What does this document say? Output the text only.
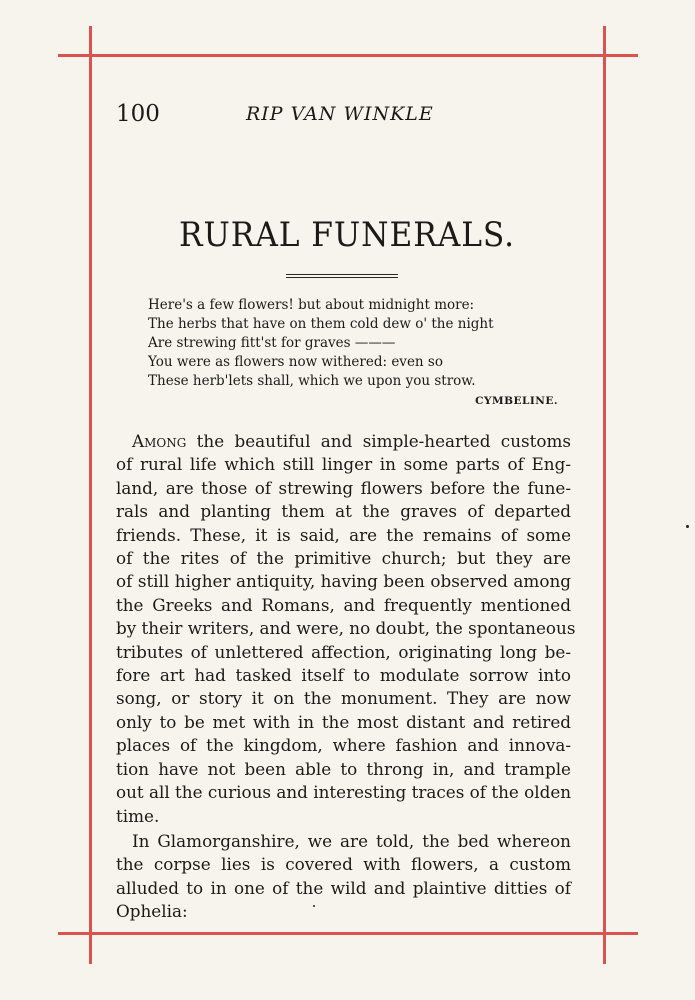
100	RIP VAN WINKLE
RURAL FUNERALS.
Here's a few flowers! but about midnight more:
The herbs that have on them cold dew o' the night
Are strewing fitt'st for graves ———
You were as flowers now withered: even so
These herb'lets shall, which we upon you strow.
CYMBELINE.
Among the beautiful and simple-hearted customs
of rural life which still linger in some parts of Eng-
land, are those of strewing flowers before the fune-
rals and planting them at the graves of departed
friends. These, it is said, are the remains of some
of the rites of the primitive church; but they are
of still higher antiquity, having been observed among
the Greeks and Romans, and frequently mentioned
by their writers, and were, no doubt, the spontaneous
tributes of unlettered affection, originating long be-
fore art had tasked itself to modulate sorrow into
song, or story it on the monument. They are now
only to be met with in the most distant and retired
places of the kingdom, where fashion and innova-
tion have not been able to throng in, and trample
out all the curious and interesting traces of the olden
time.
In Glamorganshire, we are told, the bed whereon
the corpse lies is covered with flowers, a custom
alluded to in one of the wild and plaintive ditties of
Ophelia:
